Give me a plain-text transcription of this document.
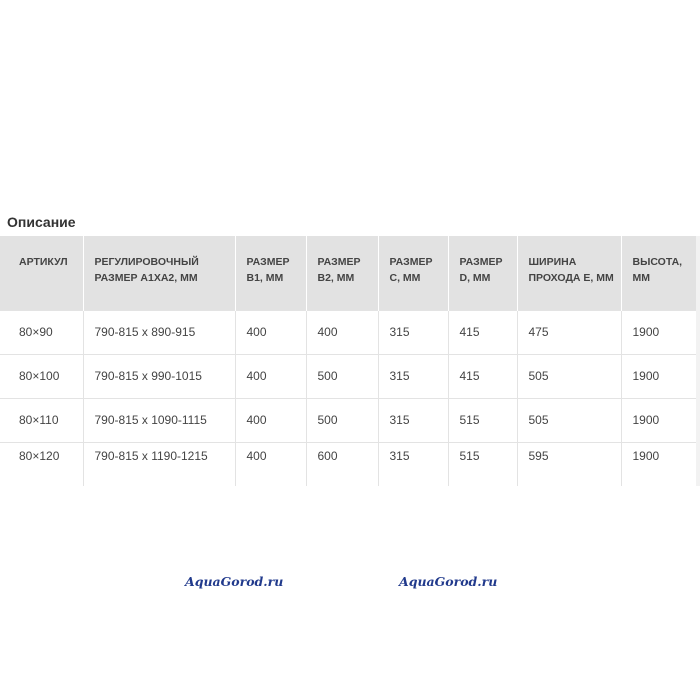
Описание
АРТИКУЛ	РЕГУЛИРОВОЧНЫЙ РАЗМЕР А1ХА2, ММ	РАЗМЕР B1, ММ	РАЗМЕР B2, ММ	РАЗМЕР C, ММ	РАЗМЕР D, ММ	ШИРИНА ПРОХОДА Е, ММ	ВЫСОТА, ММ
80×90	790-815 х 890-915	400	400	315	415	475	1900
80×100	790-815 х 990-1015	400	500	315	415	505	1900
80×110	790-815 х 1090-1115	400	500	315	515	505	1900
80×120	790-815 х 1190-1215	400	600	315	515	595	1900
AquaGorod.ru	AquaGorod.ru
